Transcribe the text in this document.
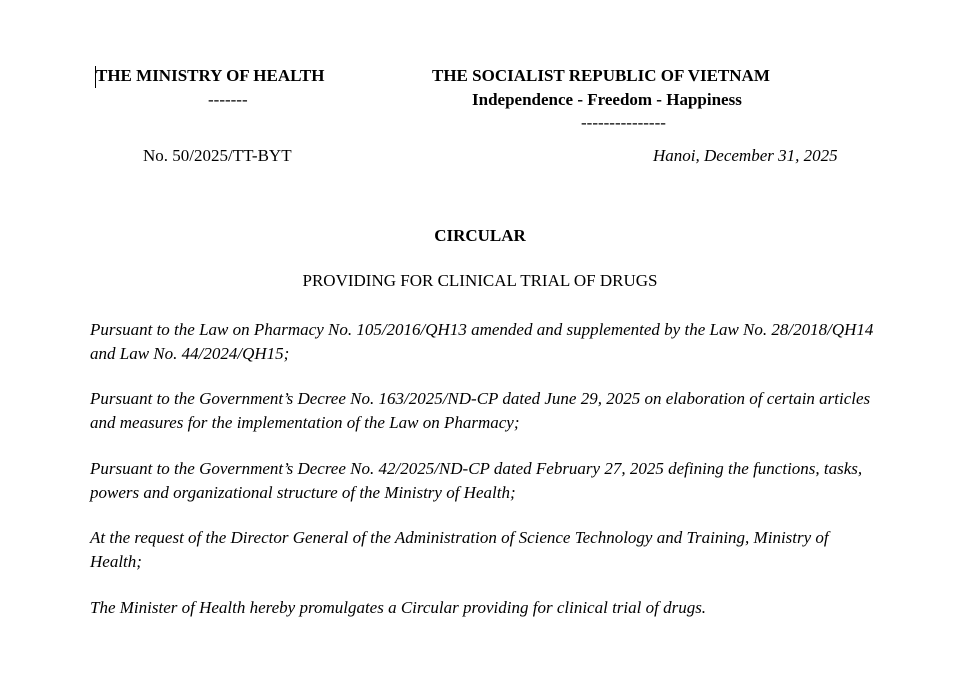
THE MINISTRY OF HEALTH
-------
No. 50/2025/TT-BYT
THE SOCIALIST REPUBLIC OF VIETNAM
Independence - Freedom - Happiness
---------------
Hanoi, December 31, 2025
CIRCULAR
PROVIDING FOR CLINICAL TRIAL OF DRUGS
Pursuant to the Law on Pharmacy No. 105/2016/QH13 amended and supplemented by the Law No. 28/2018/QH14 and Law No. 44/2024/QH15;
Pursuant to the Government’s Decree No. 163/2025/ND-CP dated June 29, 2025 on elaboration of certain articles and measures for the implementation of the Law on Pharmacy;
Pursuant to the Government’s Decree No. 42/2025/ND-CP dated February 27, 2025 defining the functions, tasks, powers and organizational structure of the Ministry of Health;
At the request of the Director General of the Administration of Science Technology and Training, Ministry of Health;
The Minister of Health hereby promulgates a Circular providing for clinical trial of drugs.
